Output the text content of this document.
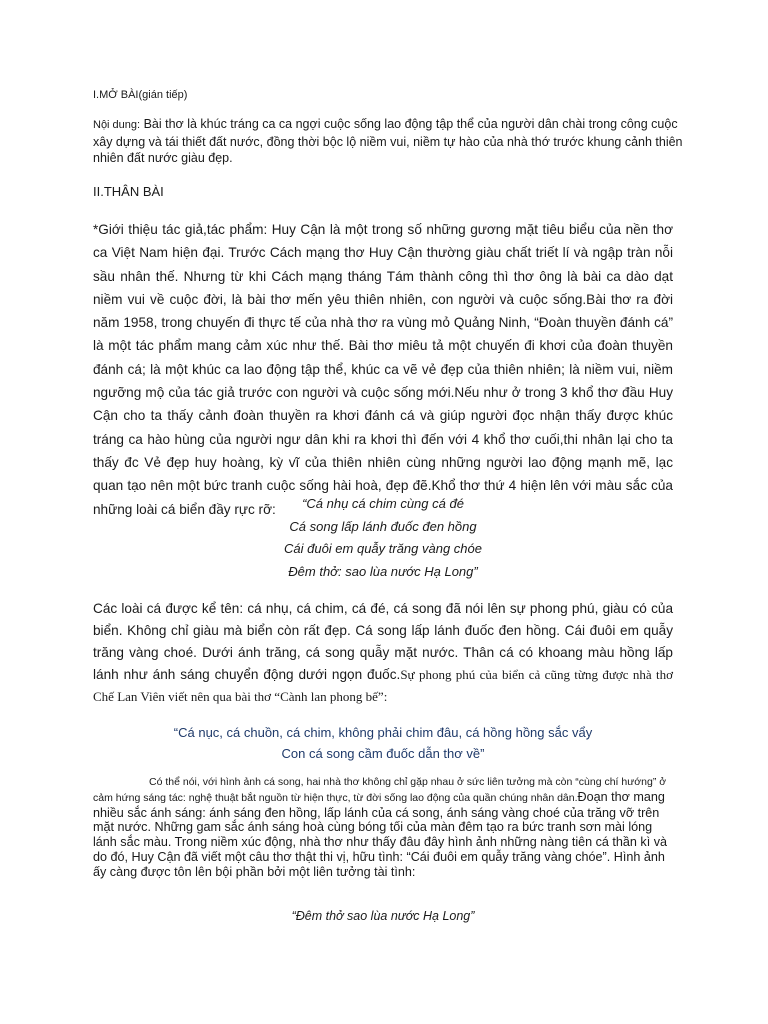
I.MỞ BÀI(gián tiếp)

Nội dung: Bài thơ là khúc tráng ca ca ngợi cuộc sống lao động tập thể của người dân chài trong công cuộc xây dựng và tái thiết đất nước, đồng thời bộc lộ niềm vui, niềm tự hào của nhà thớ trước khung cảnh thiên nhiên đất nước giàu đẹp.

II.THÂN BÀI

*Giới thiệu tác giả,tác phẩm: Huy Cận là một trong số những gương mặt tiêu biểu của nền thơ ca Việt Nam hiện đại. Trước Cách mạng thơ Huy Cận thường giàu chất triết lí và ngập tràn nỗi sầu nhân thế. Nhưng từ khi Cách mạng tháng Tám thành công thì thơ ông là bài ca dào dạt niềm vui về cuộc đời, là bài thơ mến yêu thiên nhiên, con người và cuộc sống.Bài thơ ra đời năm 1958, trong chuyến đi thực tế của nhà thơ ra vùng mỏ Quảng Ninh, “Đoàn thuyền đánh cá” là một tác phẩm mang cảm xúc như thế. Bài thơ miêu tả một chuyến đi khơi của đoàn thuyền đánh cá; là một khúc ca lao động tập thể, khúc ca vẽ vẻ đẹp của thiên nhiên; là niềm vui, niềm ngưỡng mộ của tác giả trước con người và cuộc sống mới.Nếu như ở trong 3 khổ thơ đầu Huy Cận cho ta thấy cảnh đoàn thuyền ra khơi đánh cá và giúp người đọc nhận thấy được khúc tráng ca hào hùng của người ngư dân khi ra khơi thì đến với 4 khổ thơ cuối,thi nhân lại cho ta thấy đc Vẻ đẹp huy hoàng, kỳ vĩ của thiên nhiên cùng những người lao động mạnh mẽ, lạc quan tạo nên một bức tranh cuộc sống hài hoà, đẹp đẽ.Khổ thơ thứ 4 hiện lên với màu sắc của những loài cá biển đầy rực rỡ:	“Cá nhụ cá chim cùng cá đé
Cá song lấp lánh đuốc đen hồng
Cái đuôi em quẫy trăng vàng chóe
Đêm thở: sao lùa nước Hạ Long”

Các loài cá được kể tên: cá nhụ, cá chim, cá đé, cá song đã nói lên sự phong phú, giàu có của biển. Không chỉ giàu mà biển còn rất đẹp. Cá song lấp lánh đuốc đen hồng. Cái đuôi em quẫy trăng vàng choé. Dưới ánh trăng, cá song quẫy mặt nước. Thân cá có khoang màu hồng lấp lánh như ánh sáng chuyển động dưới ngọn đuốc.Sự phong phú của biển cả cũng từng được nhà thơ Chế Lan Viên viết nên qua bài thơ “Cành lan phong bế”:

“Cá nục, cá chuồn, cá chim, không phải chim đâu, cá hồng hồng sắc vẩy
Con cá song cầm đuốc dẫn thơ về”

Có thể nói, với hình ảnh cá song, hai nhà thơ không chỉ gặp nhau ở sức liên tưởng mà còn “cùng chí hướng” ở cảm hứng sáng tác: nghệ thuật bắt nguồn từ hiện thực, từ đời sống lao động của quần chúng nhân dân.Đoạn thơ mang nhiều sắc ánh sáng: ánh sáng đen hồng, lấp lánh của cá song, ánh sáng vàng choé của trăng vỡ trên mặt nước. Những gam sắc ánh sáng hoà cùng bóng tối của màn đêm tạo ra bức tranh sơn mài lóng lánh sắc màu. Trong niềm xúc động, nhà thơ như thấy đâu đây hình ảnh những nàng tiên cá thần kì và do đó, Huy Cận đã viết một câu thơ thật thi vị, hữu tình: “Cái đuôi em quẫy trăng vàng chóe”. Hình ảnh ấy càng được tôn lên bội phần bởi một liên tưởng tài tình:

“Đêm thở sao lùa nước Hạ Long”
